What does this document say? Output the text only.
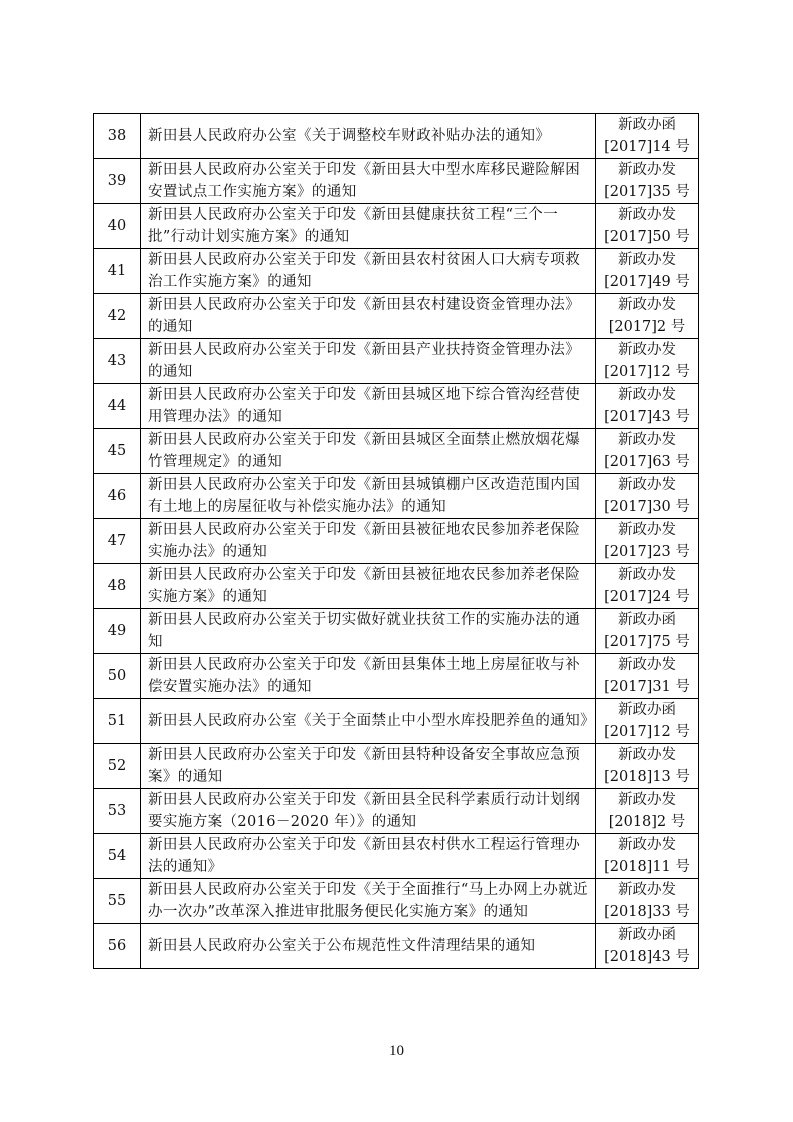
38	新田县人民政府办公室《关于调整校车财政补贴办法的通知》	新政办函
[2017]14 号

39	新田县人民政府办公室关于印发《新田县大中型水库移民避险解困安置试点工作实施方案》的通知	新政办发
[2017]35 号

40	新田县人民政府办公室关于印发《新田县健康扶贫工程“三个一批”行动计划实施方案》的通知	新政办发
[2017]50 号

41	新田县人民政府办公室关于印发《新田县农村贫困人口大病专项救治工作实施方案》的通知	新政办发
[2017]49 号

42	新田县人民政府办公室关于印发《新田县农村建设资金管理办法》的通知	新政办发
[2017]2 号

43	新田县人民政府办公室关于印发《新田县产业扶持资金管理办法》的通知	新政办发
[2017]12 号

44	新田县人民政府办公室关于印发《新田县城区地下综合管沟经营使用管理办法》的通知	新政办发
[2017]43 号

45	新田县人民政府办公室关于印发《新田县城区全面禁止燃放烟花爆竹管理规定》的通知	新政办发
[2017]63 号

46	新田县人民政府办公室关于印发《新田县城镇棚户区改造范围内国有土地上的房屋征收与补偿实施办法》的通知	新政办发
[2017]30 号

47	新田县人民政府办公室关于印发《新田县被征地农民参加养老保险实施办法》的通知	新政办发
[2017]23 号

48	新田县人民政府办公室关于印发《新田县被征地农民参加养老保险实施方案》的通知	新政办发
[2017]24 号

49	新田县人民政府办公室关于切实做好就业扶贫工作的实施办法的通知	新政办函
[2017]75 号

50	新田县人民政府办公室关于印发《新田县集体土地上房屋征收与补偿安置实施办法》的通知	新政办发
[2017]31 号

51	新田县人民政府办公室《关于全面禁止中小型水库投肥养鱼的通知》	新政办函
[2017]12 号

52	新田县人民政府办公室关于印发《新田县特种设备安全事故应急预案》的通知	新政办发
[2018]13 号

53	新田县人民政府办公室关于印发《新田县全民科学素质行动计划纲要实施方案（2016－2020 年）》的通知	新政办发
[2018]2 号

54	新田县人民政府办公室关于印发《新田县农村供水工程运行管理办法的通知》	新政办发
[2018]11 号

55	新田县人民政府办公室关于印发《关于全面推行“马上办网上办就近办一次办”改革深入推进审批服务便民化实施方案》的通知	新政办发
[2018]33 号

56	新田县人民政府办公室关于公布规范性文件清理结果的通知	新政办函
[2018]43 号
10
